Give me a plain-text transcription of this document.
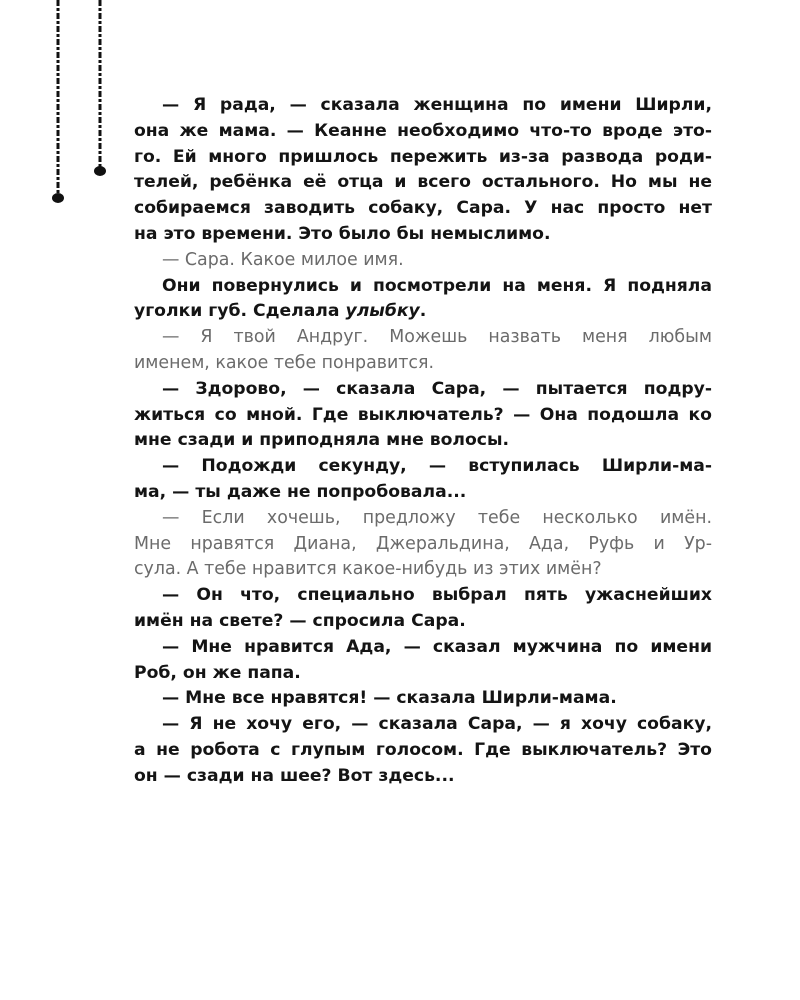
— Я рада, — сказала женщина по имени Ширли,
она же мама. — Кеанне необходимо что-то вроде это-
го. Ей много пришлось пережить из-за развода роди-
телей, ребёнка её отца и всего остального. Но мы не
собираемся заводить собаку, Сара. У нас просто нет
на это времени. Это было бы немыслимо.
— Сара. Какое милое имя.
Они повернулись и посмотрели на меня. Я подняла
уголки губ. Сделала улыбку.
— Я твой Андруг. Можешь назвать меня любым
именем, какое тебе понравится.
— Здорово, — сказала Сара, — пытается подру-
житься со мной. Где выключатель? — Она подошла ко
мне сзади и приподняла мне волосы.
— Подожди секунду, — вступилась Ширли-ма-
ма, — ты даже не попробовала...
— Если хочешь, предложу тебе несколько имён.
Мне нравятся Диана, Джеральдина, Ада, Руфь и Ур-
сула. А тебе нравится какое-нибудь из этих имён?
— Он что, специально выбрал пять ужаснейших
имён на свете? — спросила Сара.
— Мне нравится Ада, — сказал мужчина по имени
Роб, он же папа.
— Мне все нравятся! — сказала Ширли-мама.
— Я не хочу его, — сказала Сара, — я хочу собаку,
а не робота с глупым голосом. Где выключатель? Это
он — сзади на шее? Вот здесь...
